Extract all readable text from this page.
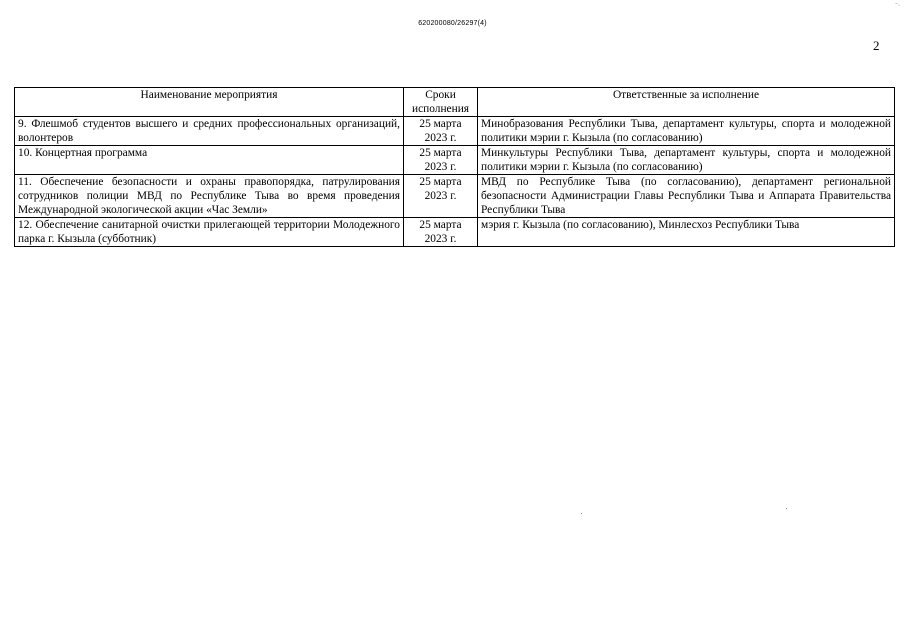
620200080/26297(4)
2
⁻·
Наименование мероприятия	Сроки исполнения	Ответственные за исполнение
9. Флешмоб студентов высшего и средних профессиональных организаций, волонтеров	25 марта 2023 г.	Минобразования Республики Тыва, департамент культуры, спорта и молодежной политики мэрии г. Кызыла (по согласованию)
10. Концертная программа	25 марта 2023 г.	Минкультуры Республики Тыва, департамент культуры, спорта и молодежной политики мэрии г. Кызыла (по согласованию)
11. Обеспечение безопасности и охраны правопорядка, патрулирования сотрудников полиции МВД по Республике Тыва во время проведения Международной экологической акции «Час Земли»	25 марта 2023 г.	МВД по Республике Тыва (по согласованию), департамент региональной безопасности Администрации Главы Республики Тыва и Аппарата Правительства Республики Тыва
12. Обеспечение санитарной очистки прилегающей территории Молодежного парка г. Кызыла (субботник)	25 марта 2023 г.	мэрия г. Кызыла (по согласованию), Минлесхоз Республики Тыва
